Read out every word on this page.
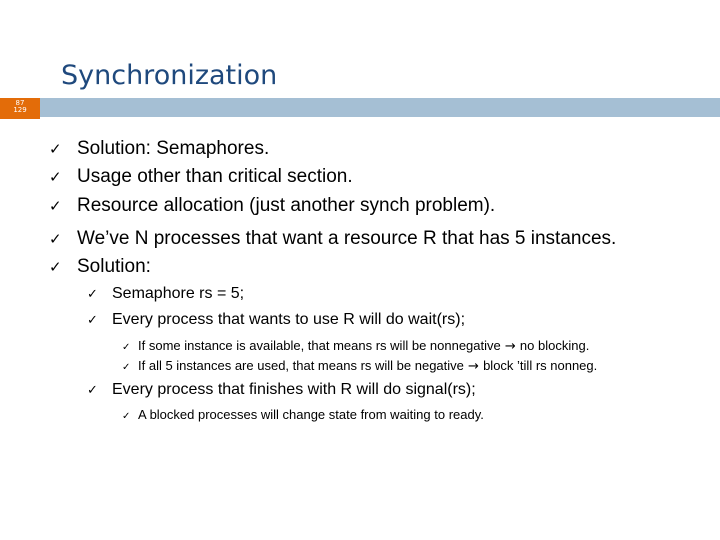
Synchronization
87
129
✓ Solution: Semaphores.
✓ Usage other than critical section.
✓ Resource allocation (just another synch problem).
✓ We’ve N processes that want a resource R that has 5 instances.
✓ Solution:
✓ Semaphore rs = 5;
✓ Every process that wants to use R will do wait(rs);
✓ If some instance is available, that means rs will be nonnegative → no blocking.
✓ If all 5 instances are used, that means rs will be negative → block ’till rs nonneg.
✓ Every process that finishes with R will do signal(rs);
✓ A blocked processes will change state from waiting to ready.
